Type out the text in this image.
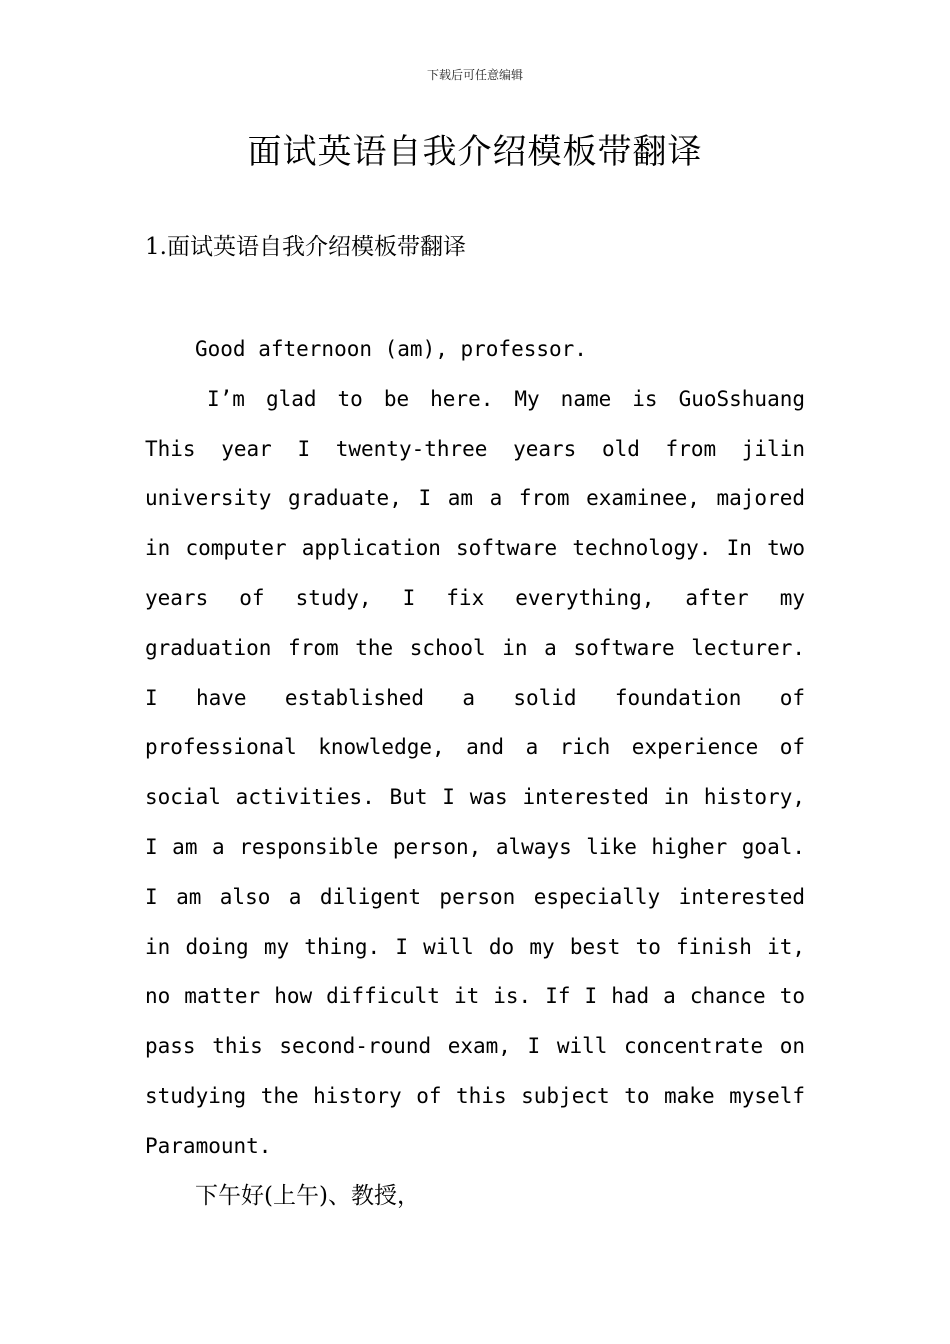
下载后可任意编辑
面试英语自我介绍模板带翻译
1.面试英语自我介绍模板带翻译

Good afternoon (am), professor.

I’m glad to be here. My name is GuoSshuang
This year I twenty-three years old from jilin
university graduate, I am a from examinee, majored
in computer application software technology. In two
years of study, I fix everything, after my
graduation from the school in a software lecturer.
I have established a solid foundation of
professional knowledge, and a rich experience of
social activities. But I was interested in history,
I am a responsible person, always like higher goal.
I am also a diligent person especially interested
in doing my thing. I will do my best to finish it,
no matter how difficult it is. If I had a chance to
pass this second-round exam, I will concentrate on
studying the history of this subject to make myself
Paramount.

下午好(上午)、教授，
